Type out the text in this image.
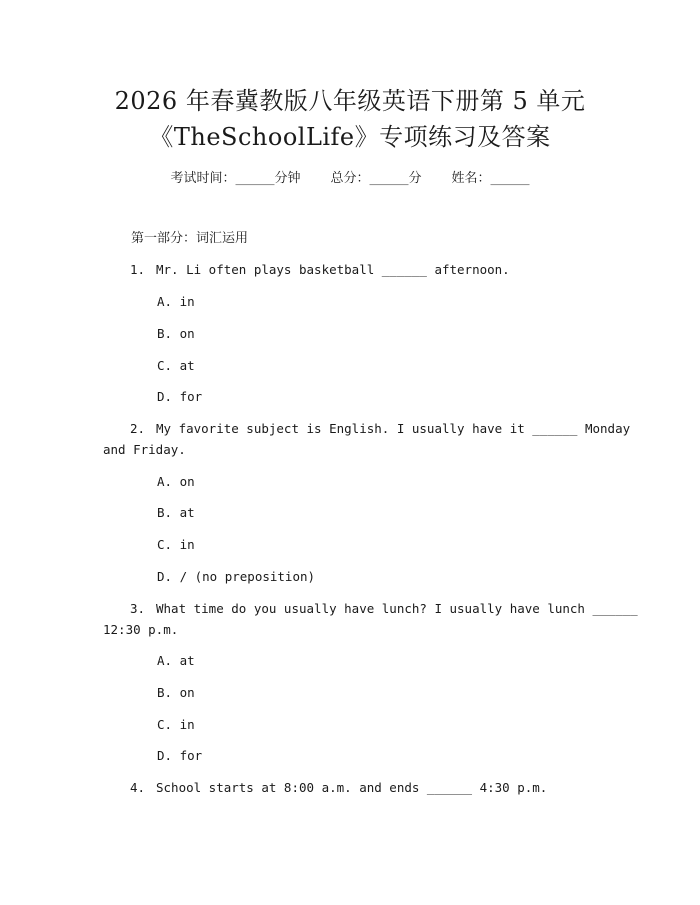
2026 年春冀教版八年级英语下册第 5 单元
《TheSchoolLife》专项练习及答案
考试时间：______分钟 总分：______分 姓名：______
第一部分：词汇运用
1. Mr. Li often plays basketball ______ afternoon.
A. in
B. on
C. at
D. for
2. My favorite subject is English. I usually have it ______ Monday
and Friday.
A. on
B. at
C. in
D. / (no preposition)
3. What time do you usually have lunch? I usually have lunch ______
12:30 p.m.
A. at
B. on
C. in
D. for
4. School starts at 8:00 a.m. and ends ______ 4:30 p.m.
